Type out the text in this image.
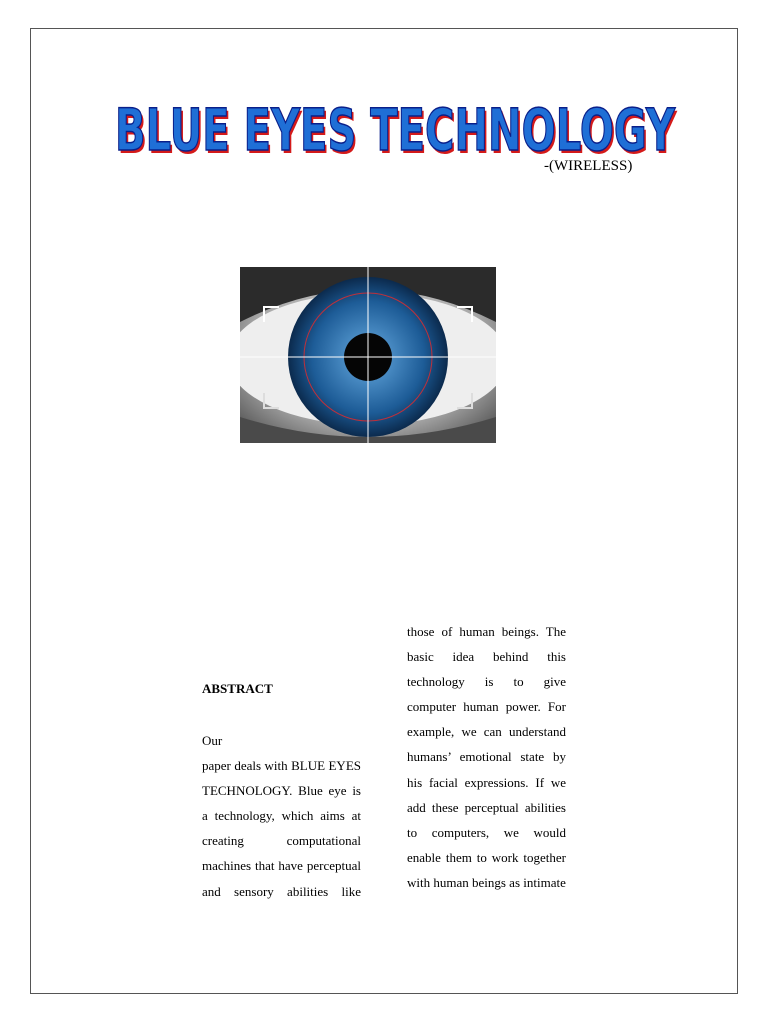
BLUE EYES TECHNOLOGY
BLUE EYES TECHNOLOGY
-(WIRELESS)
ABSTRACT
Our
paper deals with BLUE EYES TECHNOLOGY. Blue eye is a technology, which aims at creating computational machines that have perceptual and sensory abilities like
those of human beings. The basic idea behind this technology is to give computer human power. For example, we can understand humans’ emotional state by his facial expressions. If we add these perceptual abilities to computers, we would enable them to work together with human beings as intimate
